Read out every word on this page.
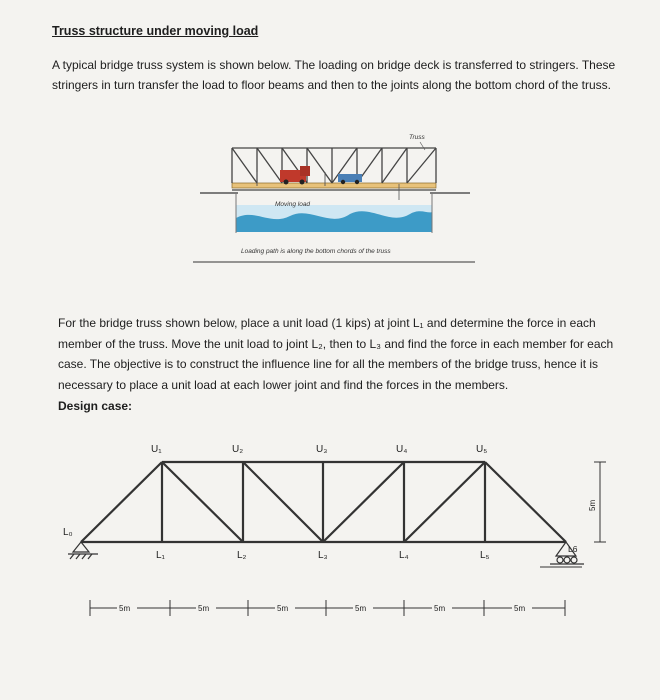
Truss structure under moving load
A typical bridge truss system is shown below. The loading on bridge deck is transferred to stringers. These stringers in turn transfer the load to floor beams and then to the joints along the bottom chord of the truss.
Truss
Moving load
Loading path is along the bottom chords of the truss
For the bridge truss shown below, place a unit load (1 kips) at joint L₁ and determine the force in each member of the truss. Move the unit load to joint L₂, then to L₃ and find the force in each member for each case. The objective is to construct the influence line for all the members of the bridge truss, hence it is necessary to place a unit load at each lower joint and find the forces in the members.
Design case:
U₁	U₂	U₃	U₄	U₅
L₀
L₁	L₂	L₃	L₄	L₅
L6
5m
5m	5m	5m	5m	5m	5m
